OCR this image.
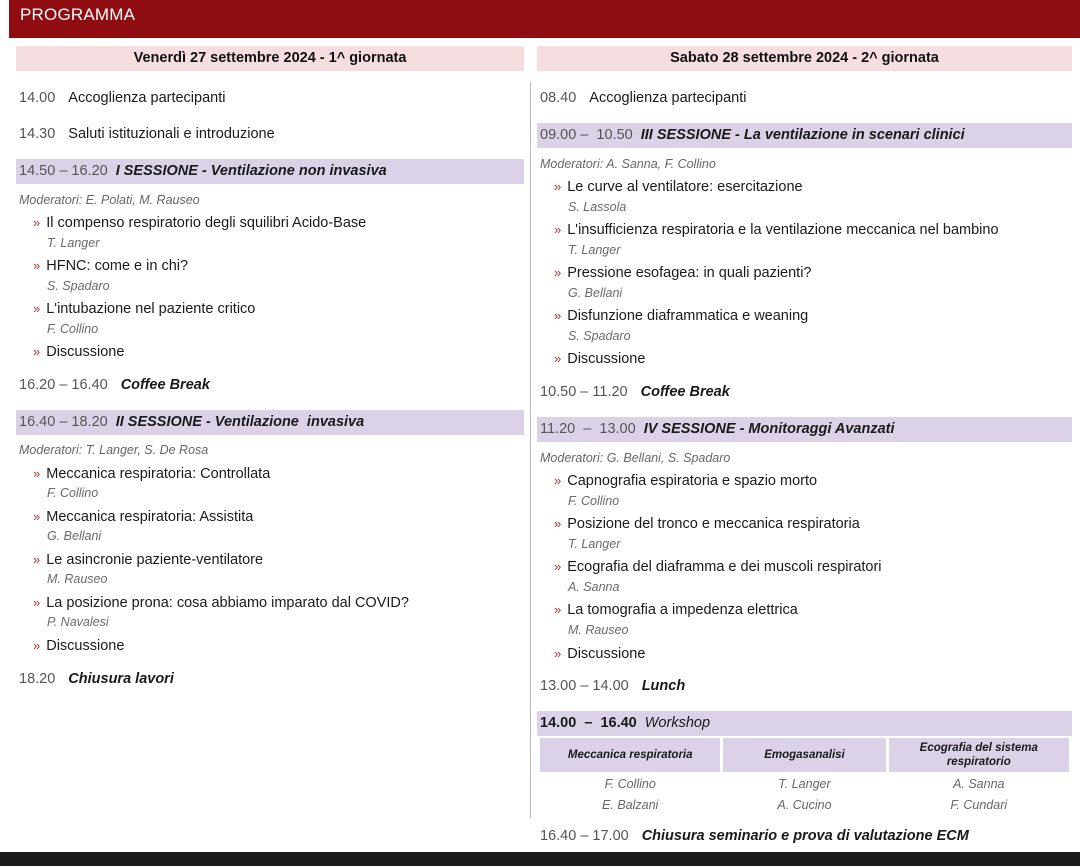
PROGRAMMA
Venerdì 27 settembre 2024 - 1^ giornata
14.00 Accoglienza partecipanti
14.30 Saluti istituzionali e introduzione
14.50 – 16.20 I SESSIONE - Ventilazione non invasiva
Moderatori: E. Polati, M. Rauseo
» Il compenso respiratorio degli squilibri Acido-Base
T. Langer
» HFNC: come e in chi?
S. Spadaro
» L'intubazione nel paziente critico
F. Collino
» Discussione
16.20 – 16.40 Coffee Break
16.40 – 18.20 II SESSIONE - Ventilazione  invasiva
Moderatori: T. Langer, S. De Rosa
» Meccanica respiratoria: Controllata
F. Collino
» Meccanica respiratoria: Assistita
G. Bellani
» Le asincronie paziente-ventilatore
M. Rauseo
» La posizione prona: cosa abbiamo imparato dal COVID?
P. Navalesi
» Discussione
18.20 Chiusura lavori
Sabato 28 settembre 2024 - 2^ giornata
08.40 Accoglienza partecipanti
09.00 –  10.50 III SESSIONE - La ventilazione in scenari clinici
Moderatori: A. Sanna, F. Collino
» Le curve al ventilatore: esercitazione
S. Lassola
» L'insufficienza respiratoria e la ventilazione meccanica nel bambino
T. Langer
» Pressione esofagea: in quali pazienti?
G. Bellani
» Disfunzione diaframmatica e weaning
S. Spadaro
» Discussione
10.50 – 11.20 Coffee Break
11.20  –  13.00 IV SESSIONE - Monitoraggi Avanzati
Moderatori: G. Bellani, S. Spadaro
» Capnografia espiratoria e spazio morto
F. Collino
» Posizione del tronco e meccanica respiratoria
T. Langer
» Ecografia del diaframma e dei muscoli respiratori
A. Sanna
» La tomografia a impedenza elettrica
M. Rauseo
» Discussione
13.00 – 14.00 Lunch
14.00  –  16.40 Workshop
Meccanica respiratoria	Emogasanalisi	Ecografia del sistema respiratorio
F. Collino	T. Langer	A. Sanna
E. Balzani	A. Cucino	F. Cundari
16.40 – 17.00 Chiusura seminario e prova di valutazione ECM
